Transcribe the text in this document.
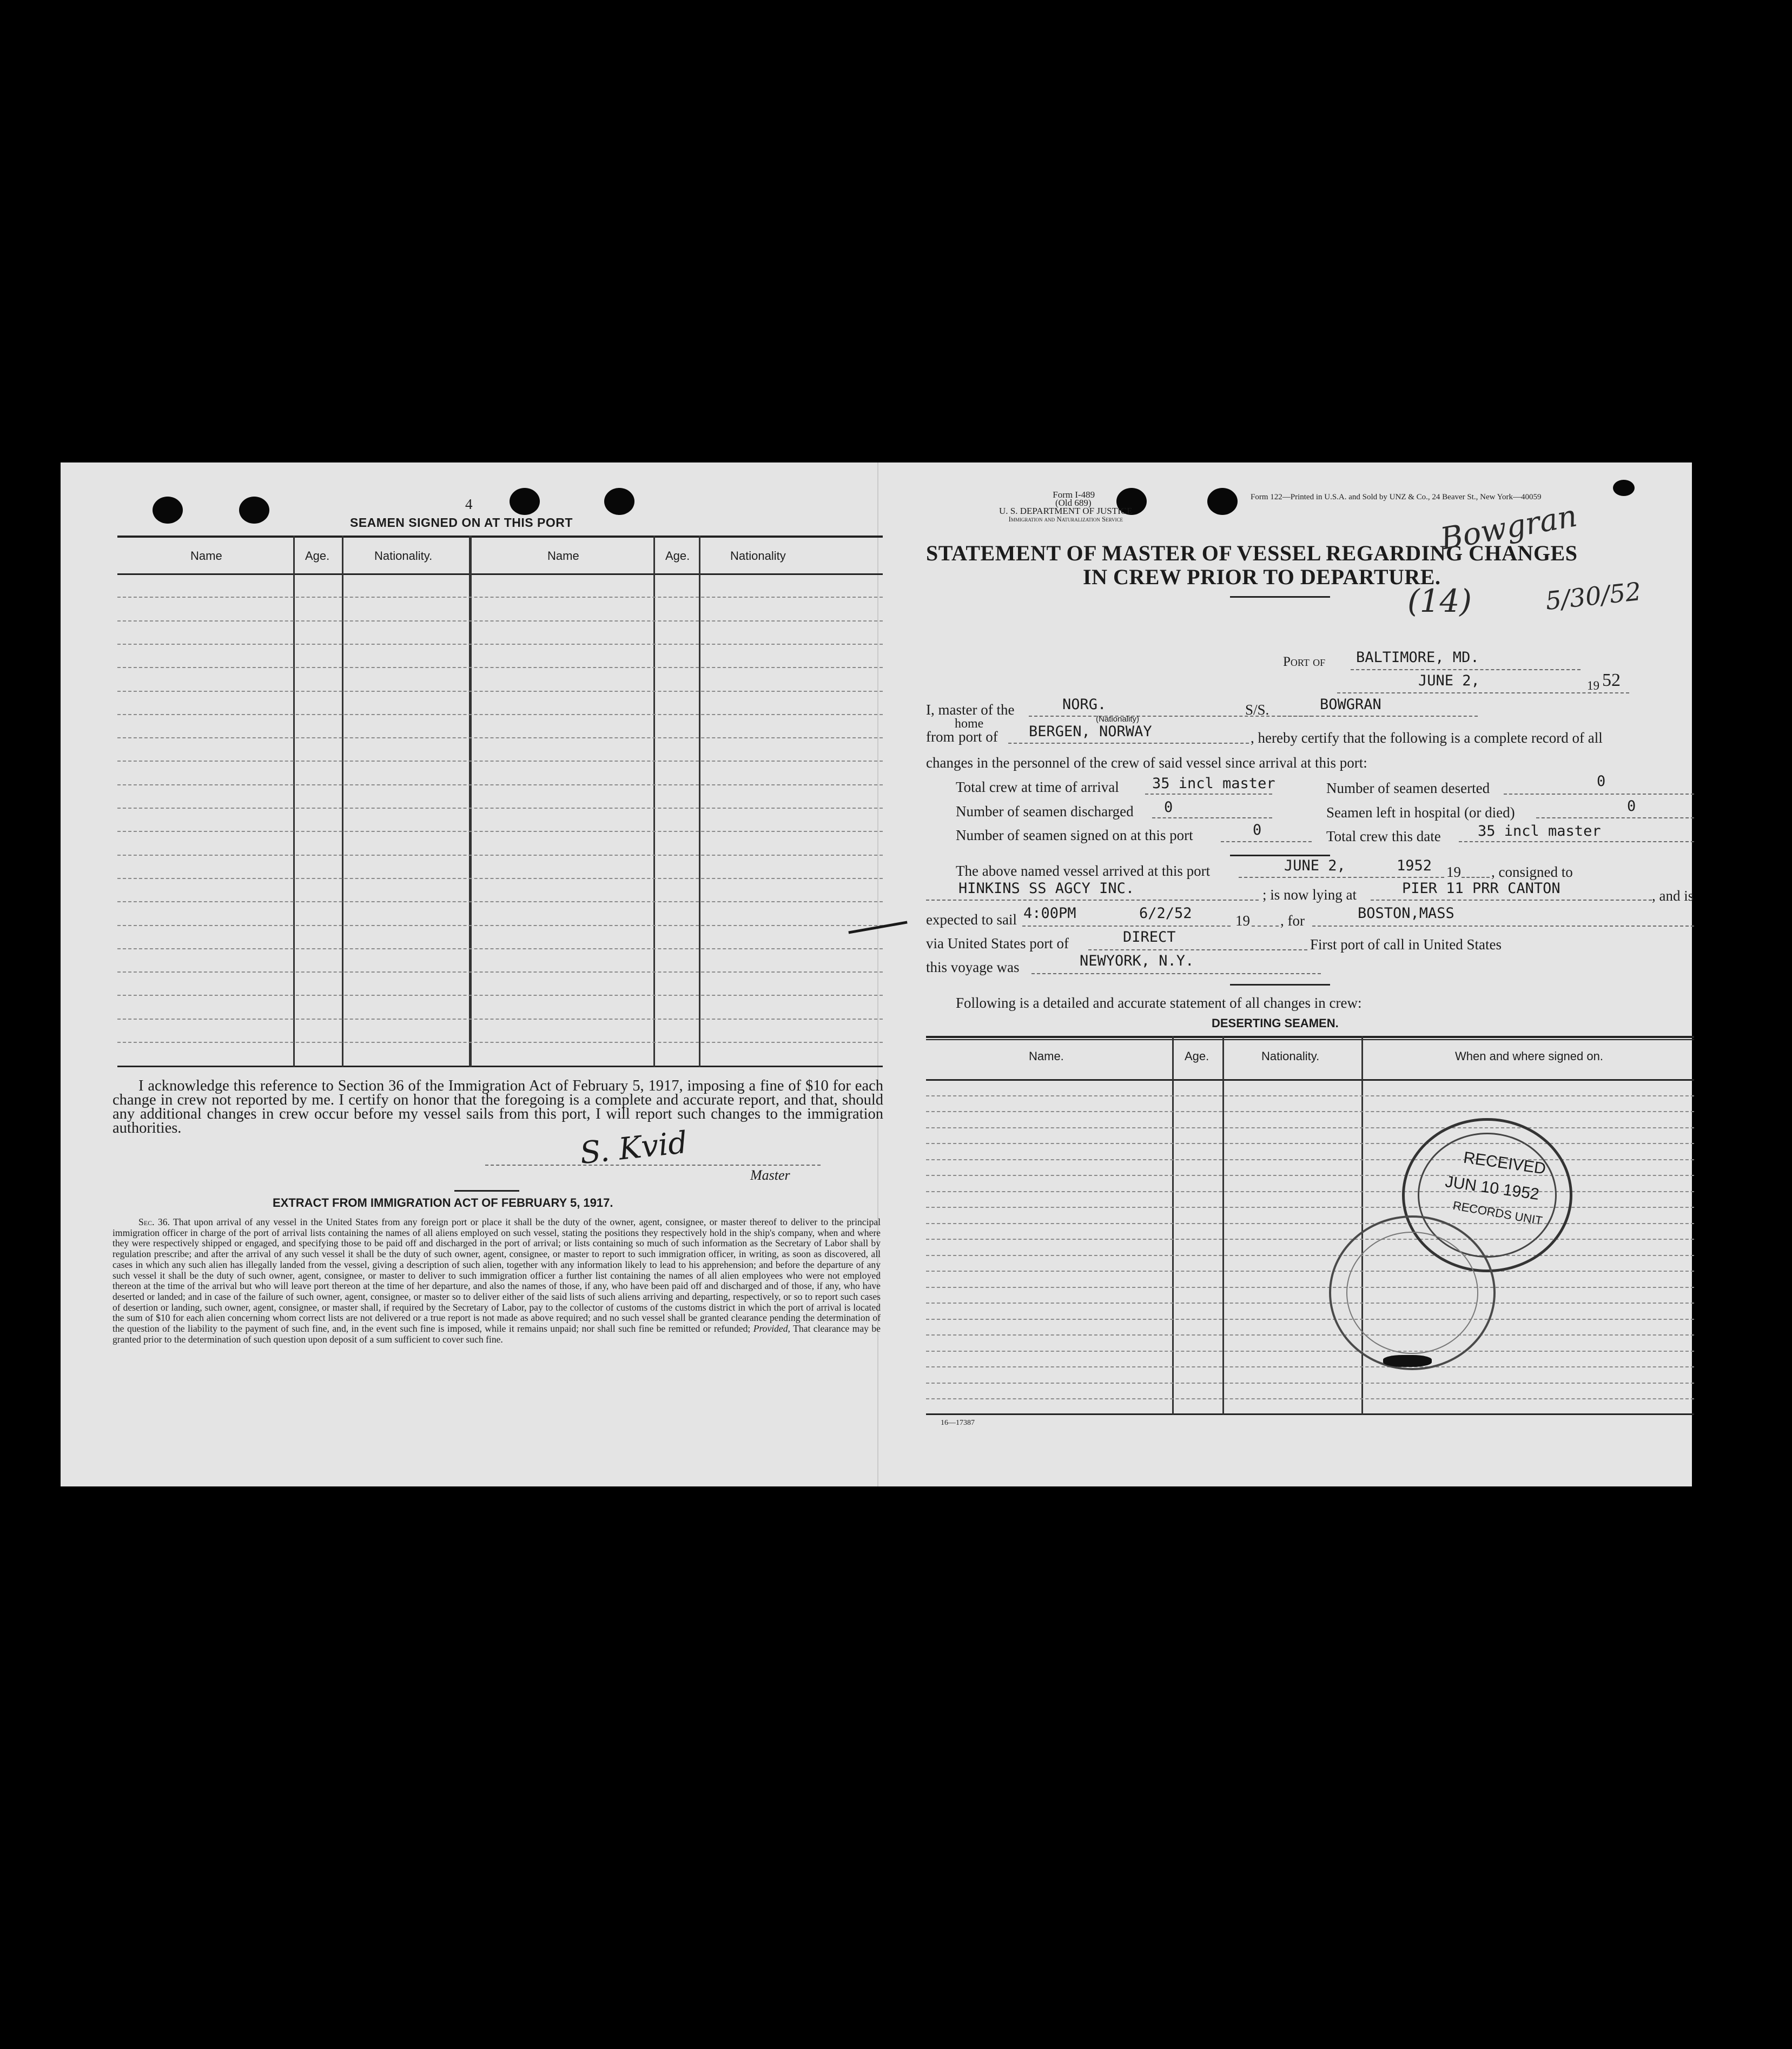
4
SEAMEN SIGNED ON AT THIS PORT
Name	Age.	Nationality.	Name	Age.	Nationality
I acknowledge this reference to Section 36 of the Immigration Act of February 5, 1917, imposing a fine of $10 for each change in crew not reported by me. I certify on honor that the foregoing is a complete and accurate report, and that, should any additional changes in crew occur before my vessel sails from this port, I will report such changes to the immigration authorities.	S. Kvid
Master
EXTRACT FROM IMMIGRATION ACT OF FEBRUARY 5, 1917.
Sec. 36. That upon arrival of any vessel in the United States from any foreign port or place it shall be the duty of the owner, agent, consignee, or master thereof to deliver to the principal immigration officer in charge of the port of arrival lists containing the names of all aliens employed on such vessel, stating the positions they respectively hold in the ship's company, when and where they were respectively shipped or engaged, and specifying those to be paid off and discharged in the port of arrival; or lists containing so much of such information as the Secretary of Labor shall by regulation prescribe; and after the arrival of any such vessel it shall be the duty of such owner, agent, consignee, or master to report to such immigration officer, in writing, as soon as discovered, all cases in which any such alien has illegally landed from the vessel, giving a description of such alien, together with any information likely to lead to his apprehension; and before the departure of any such vessel it shall be the duty of such owner, agent, consignee, or master to deliver to such immigration officer a further list containing the names of all alien employees who were not employed thereon at the time of the arrival but who will leave port thereon at the time of her departure, and also the names of those, if any, who have been paid off and discharged and of those, if any, who have deserted or landed; and in case of the failure of such owner, agent, consignee, or master so to deliver either of the said lists of such aliens arriving and departing, respectively, or so to report such cases of desertion or landing, such owner, agent, consignee, or master shall, if required by the Secretary of Labor, pay to the collector of customs of the customs district in which the port of arrival is located the sum of $10 for each alien concerning whom correct lists are not delivered or a true report is not made as above required; and no such vessel shall be granted clearance pending the determination of the question of the liability to the payment of such fine, and, in the event such fine is imposed, while it remains unpaid; nor shall such fine be remitted or refunded; Provided, That clearance may be granted prior to the determination of such question upon deposit of a sum sufficient to cover such fine.
Form I-489
(Old 689)
U. S. DEPARTMENT OF JUSTICE
Immigration and Naturalization Service
Form 122—Printed in U.S.A. and Sold by UNZ & Co., 24 Beaver St., New York—40059
STATEMENT OF MASTER OF VESSEL REGARDING CHANGES
IN CREW PRIOR TO DEPARTURE.
Bowgran
(14)	5/30/52
Port of BALTIMORE, MD.
JUNE 2,	19 52
I, master of the	NORG.
(Nationality)
S/S.	BOWGRAN
from
home
port of BERGEN, NORWAY	, hereby certify that the following is a complete record of all
changes in the personnel of the crew of said vessel since arrival at this port:
Total crew at time of arrival 35 incl master	Number of seamen deserted	0
Number of seamen discharged 0	Seamen left in hospital (or died)	0
Number of seamen signed on at this port	0	Total crew this date	35 incl master
The above named vessel arrived at this port	JUNE 2,	1952 19 , consigned to
HINKINS SS AGCY INC.	; is now lying at	PIER 11 PRR CANTON	, and is
expected to sail 4:00PM	6/2/52	19 , for	BOSTON,MASS
via United States port of	DIRECT	First port of call in United States
this voyage was	NEWYORK, N.Y.
Following is a detailed and accurate statement of all changes in crew:
DESERTING SEAMEN.
Name.	Age.	Nationality.	When and where signed on.
16—17387
RECEIVED
JUN 10 1952
RECORDS UNIT
